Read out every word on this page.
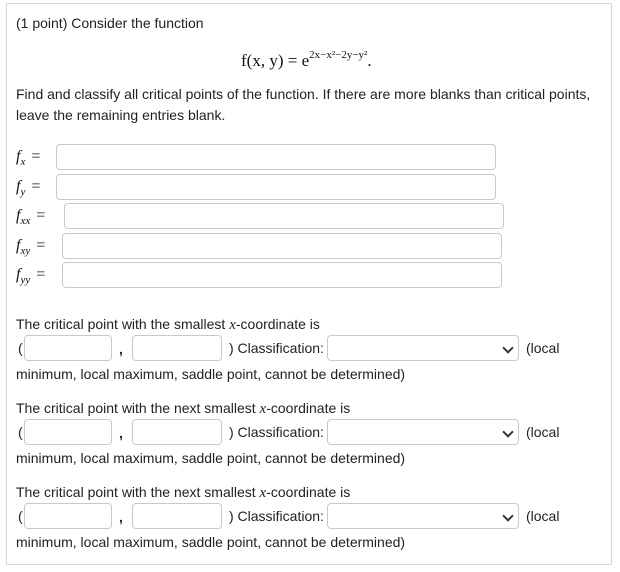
(1 point) Consider the function
f(x, $y) = e^{2x-x^2-2y-y^2}$.
Find and classify all critical points of the function. If there are more blanks than critical points, leave the remaining entries blank.
$f_x$ =
$f_y$ =
$f_{xx}$ =
$f_{xy}$ =
$f_{yy}$ =
The critical point with the smallest x-coordinate is
(	,	) Classification:	(local
minimum, local maximum, saddle point, cannot be determined)
The critical point with the next smallest x-coordinate is
(	,	) Classification:	(local
minimum, local maximum, saddle point, cannot be determined)
The critical point with the next smallest x-coordinate is
(	,	) Classification:	(local
minimum, local maximum, saddle point, cannot be determined)
